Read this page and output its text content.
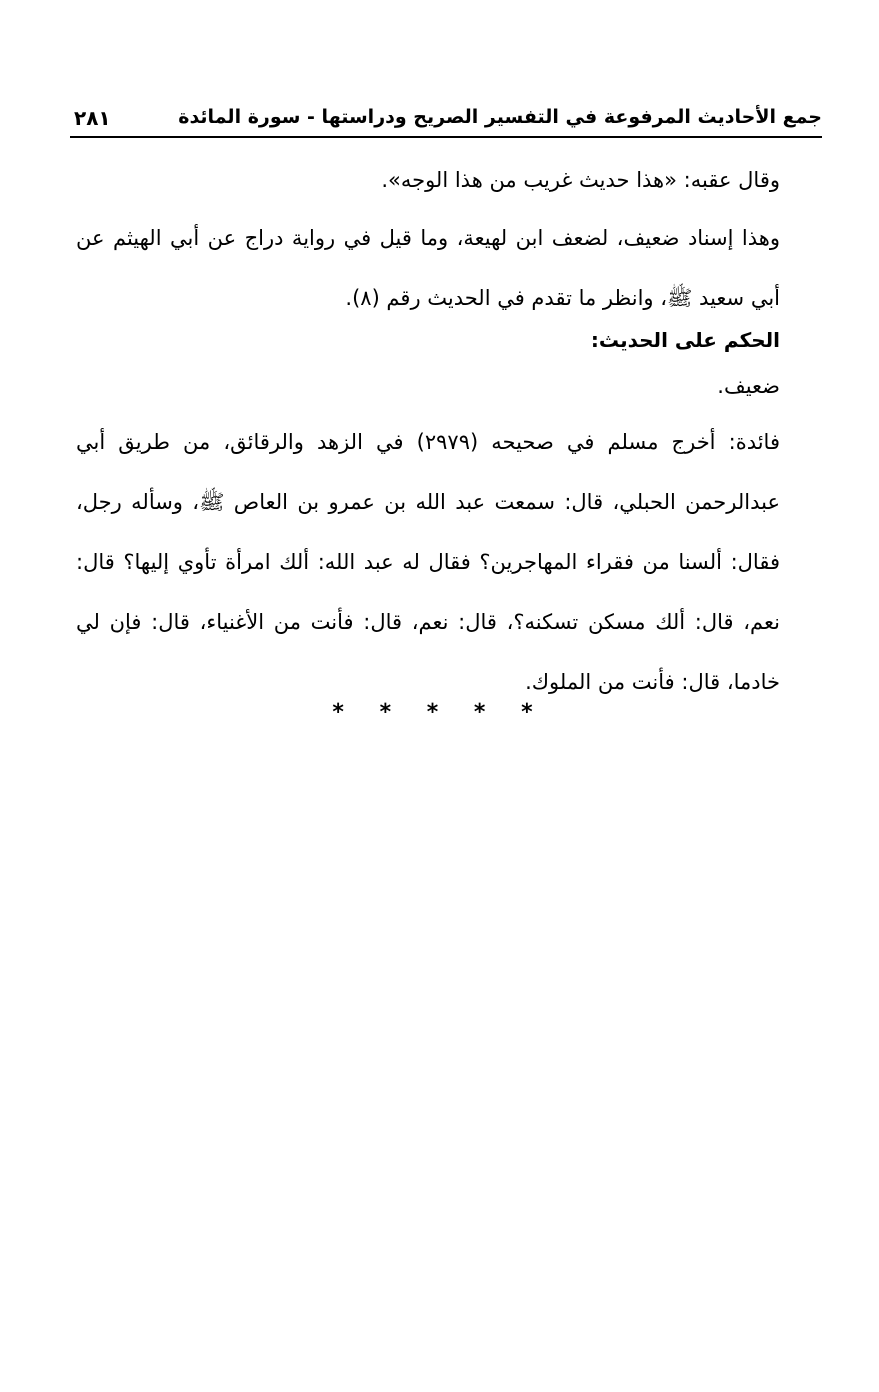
جمع الأحاديث المرفوعة في التفسير الصريح ودراستها - سورة المائدة
٢٨١
وقال عقبه: «هذا حديث غريب من هذا الوجه».
وهذا إسناد ضعيف، لضعف ابن لهيعة، وما قيل في رواية دراج عن أبي الهيثم عن أبي سعيد ﷺ، وانظر ما تقدم في الحديث رقم (٨).
الحكم على الحديث:
ضعيف.
فائدة: أخرج مسلم في صحيحه (٢٩٧٩) في الزهد والرقائق، من طريق أبي عبدالرحمن الحبلي، قال: سمعت عبد الله بن عمرو بن العاص ﷺ، وسأله رجل، فقال: ألسنا من فقراء المهاجرين؟ فقال له عبد الله: ألك امرأة تأوي إليها؟ قال: نعم، قال: ألك مسكن تسكنه؟، قال: نعم، قال: فأنت من الأغنياء، قال: فإن لي خادما، قال: فأنت من الملوك.
* * * * *
